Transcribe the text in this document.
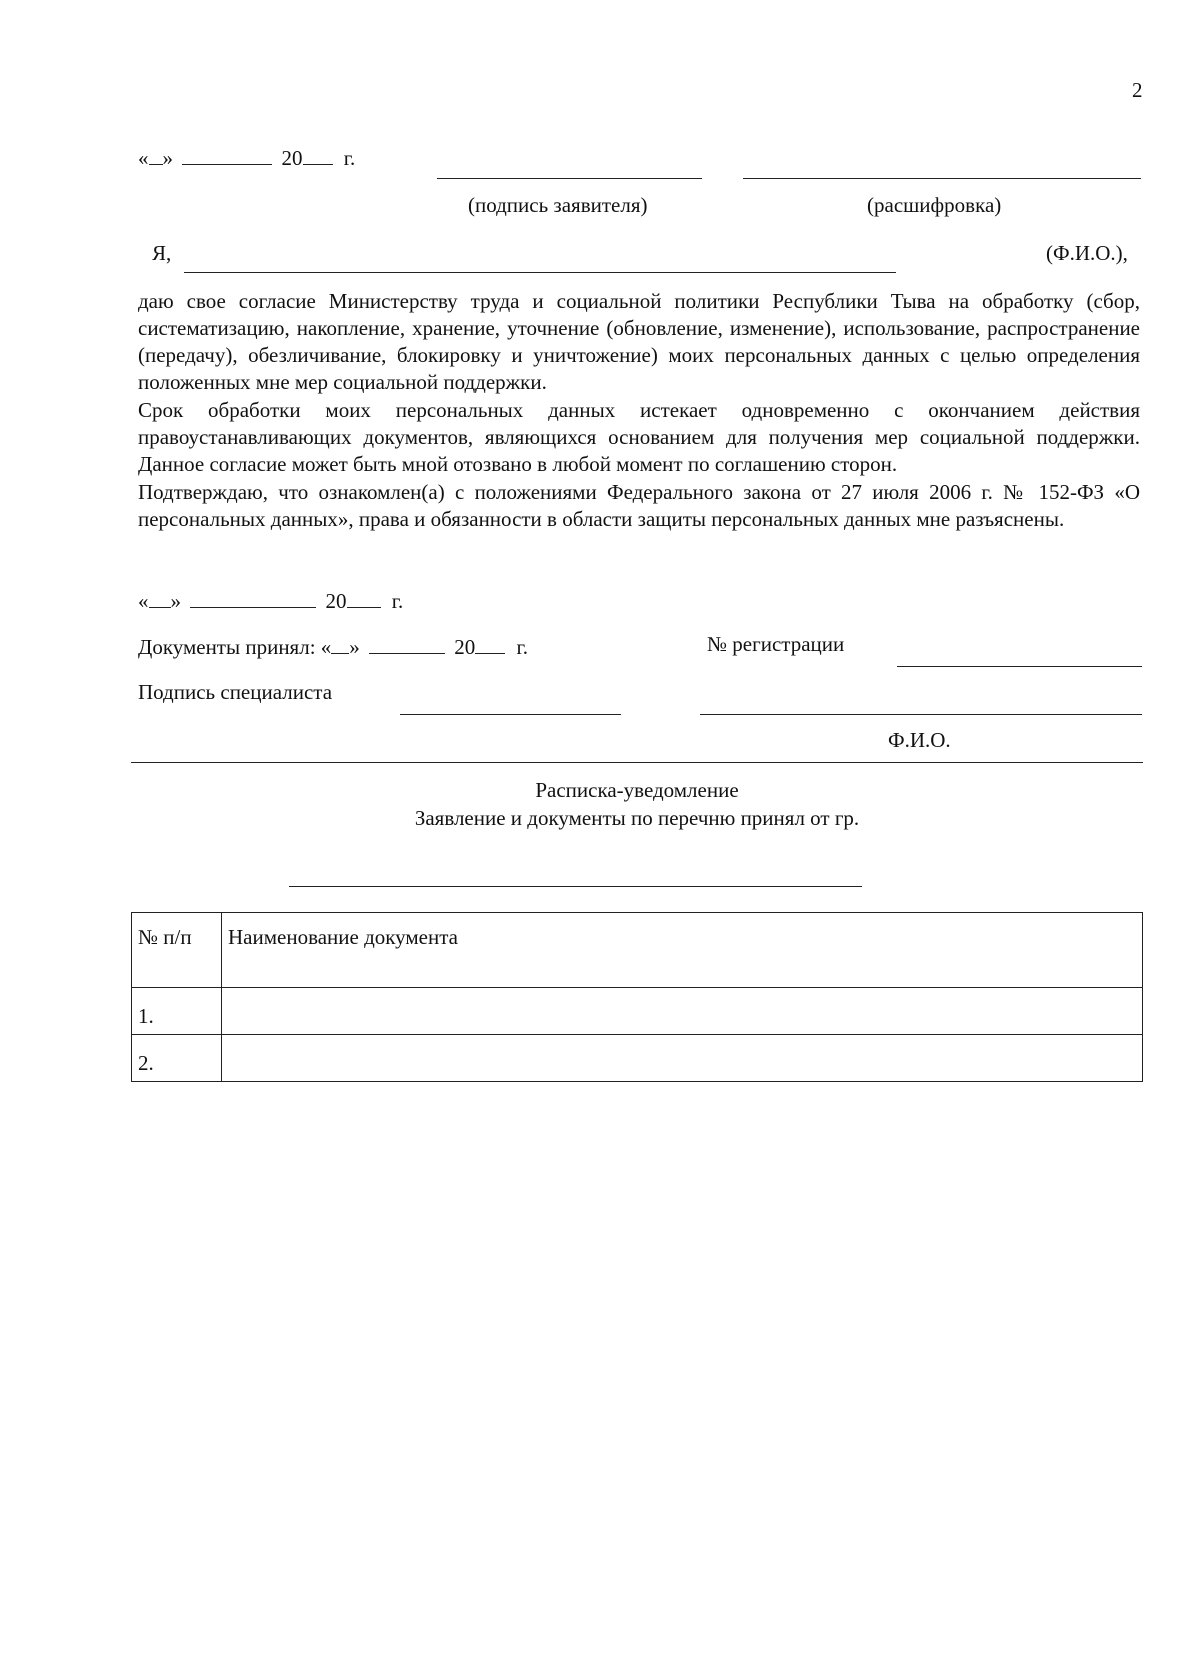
2
« »	20 г.
(подпись заявителя)	(расшифровка)
Я,	(Ф.И.О.),

даю свое согласие Министерству труда и социальной политики Республики Тыва на обработку (сбор, систематизацию, накопление, хранение, уточнение (обновление, изменение), использование, распространение (передачу), обезличивание, блокировку и уничтожение) моих персональных данных с целью определения положенных мне мер социальной поддержки.

Срок обработки моих персональных данных истекает одновременно с окончанием действия правоустанавливающих документов, являющихся основанием для получения мер социальной поддержки. Данное согласие может быть мной отозвано в любой момент по соглашению сторон.

Подтверждаю, что ознакомлен(а) с положениями Федерального закона от 27 июля 2006 г. № 152-ФЗ «О персональных данных», права и обязанности в области защиты персональных данных мне разъяснены.

« »	20 г.
Документы принял: « »	20 г.	№ регистрации
Подпись специалиста
Ф.И.О.
Расписка-уведомление
Заявление и документы по перечню принял от гр.
№ п/п	Наименование документа
1.	
2.	
